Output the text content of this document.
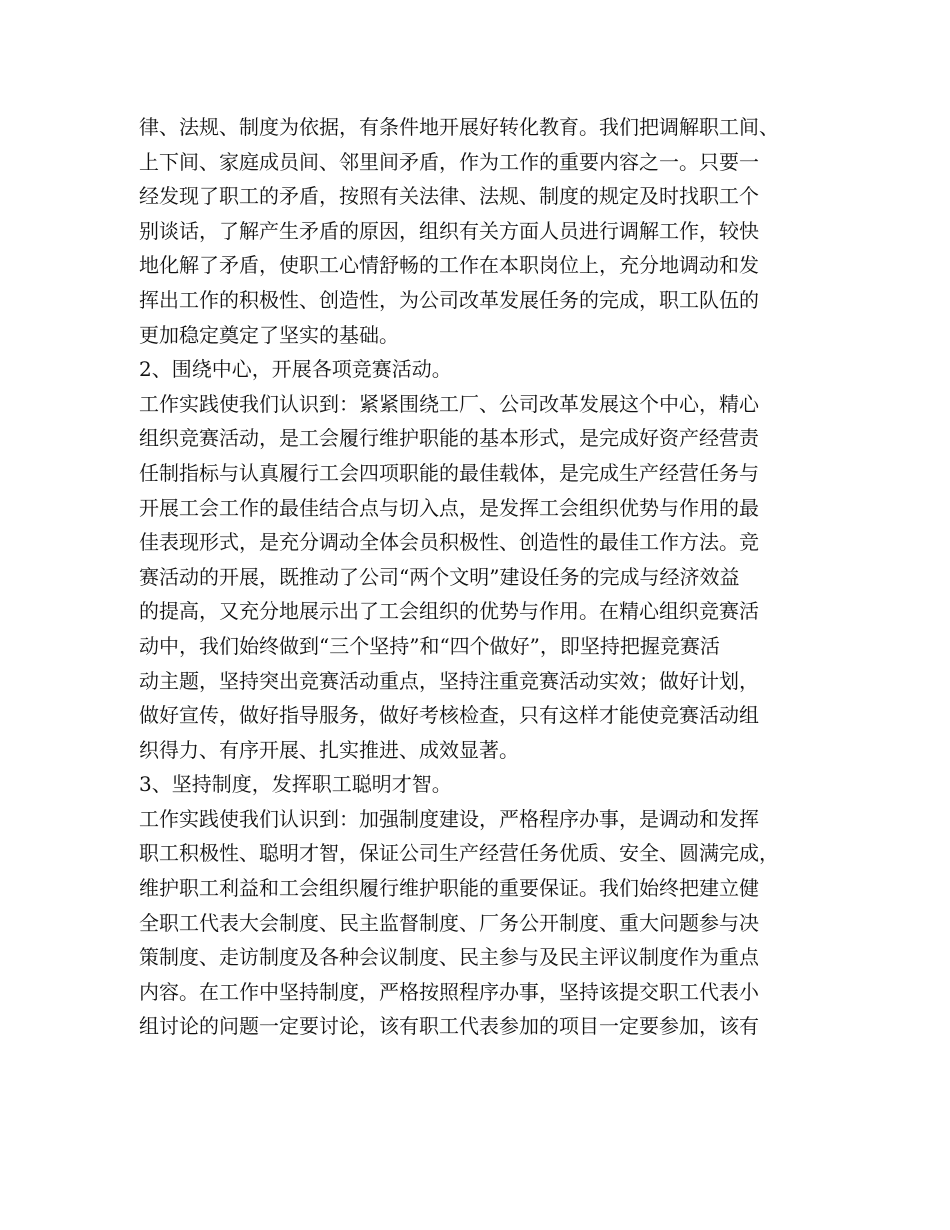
律、法规、制度为依据，有条件地开展好转化教育。我们把调解职工间、
上下间、家庭成员间、邻里间矛盾，作为工作的重要内容之一。只要一
经发现了职工的矛盾，按照有关法律、法规、制度的规定及时找职工个
别谈话，了解产生矛盾的原因，组织有关方面人员进行调解工作，较快
地化解了矛盾，使职工心情舒畅的工作在本职岗位上，充分地调动和发
挥出工作的积极性、创造性，为公司改革发展任务的完成，职工队伍的
更加稳定奠定了坚实的基础。
2、围绕中心，开展各项竞赛活动。
工作实践使我们认识到：紧紧围绕工厂、公司改革发展这个中心，精心
组织竞赛活动，是工会履行维护职能的基本形式，是完成好资产经营责
任制指标与认真履行工会四项职能的最佳载体，是完成生产经营任务与
开展工会工作的最佳结合点与切入点，是发挥工会组织优势与作用的最
佳表现形式，是充分调动全体会员积极性、创造性的最佳工作方法。竞
赛活动的开展，既推动了公司“两个文明”建设任务的完成与经济效益
的提高，又充分地展示出了工会组织的优势与作用。在精心组织竞赛活
动中，我们始终做到“三个坚持”和“四个做好”，即坚持把握竞赛活
动主题，坚持突出竞赛活动重点，坚持注重竞赛活动实效；做好计划，
做好宣传，做好指导服务，做好考核检查，只有这样才能使竞赛活动组
织得力、有序开展、扎实推进、成效显著。
3、坚持制度，发挥职工聪明才智。
工作实践使我们认识到：加强制度建设，严格程序办事，是调动和发挥
职工积极性、聪明才智，保证公司生产经营任务优质、安全、圆满完成，
维护职工利益和工会组织履行维护职能的重要保证。我们始终把建立健
全职工代表大会制度、民主监督制度、厂务公开制度、重大问题参与决
策制度、走访制度及各种会议制度、民主参与及民主评议制度作为重点
内容。在工作中坚持制度，严格按照程序办事，坚持该提交职工代表小
组讨论的问题一定要讨论，该有职工代表参加的项目一定要参加，该有
